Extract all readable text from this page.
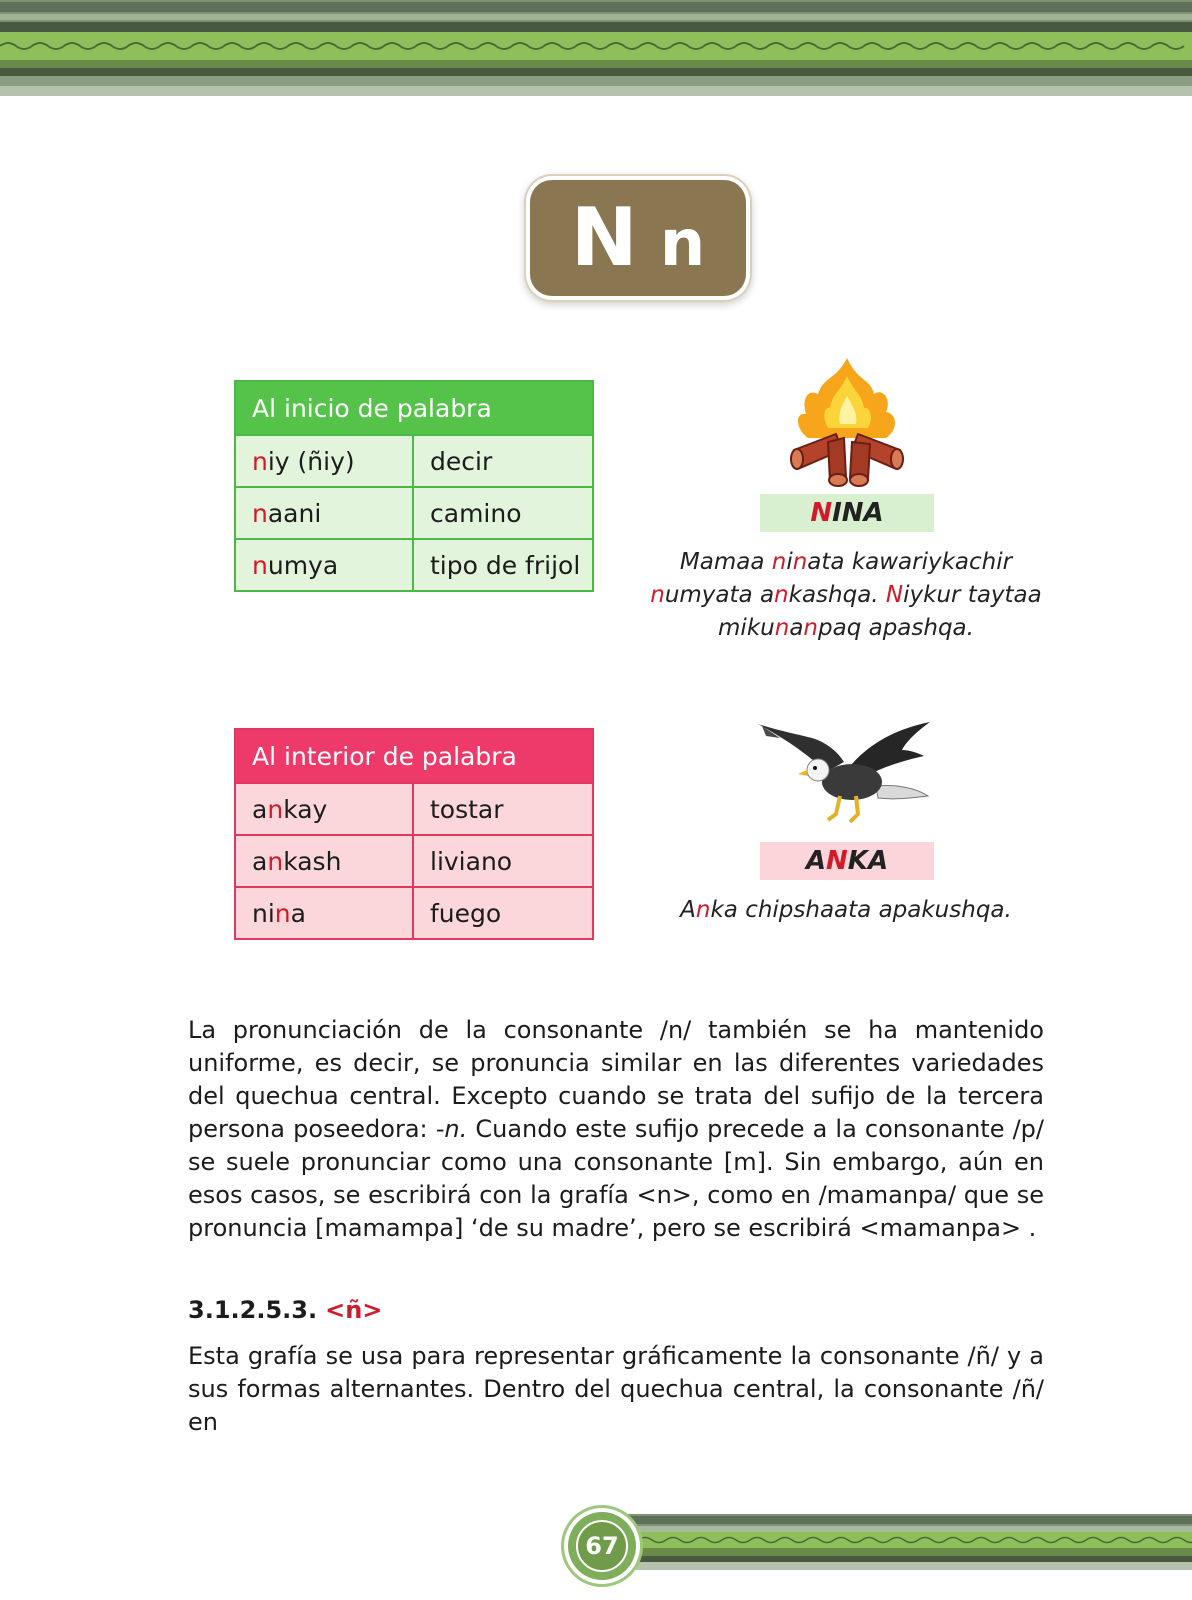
N n
Al inicio de palabra	
niy (ñiy)	decir
naani	camino
numya	tipo de frijol
N INA
Mamaa ninata kawariykachir
numyata ankashqa. Niykur taytaa
mikunanpaq apashqa.
Al interior de palabra	
ankay	tostar
ankash	liviano
nina	fuego
A N KA
Anka chipshaata apakushqa.
La pronunciación de la consonante /n/ también se ha mantenido uniforme, es decir, se pronuncia similar en las diferentes variedades del quechua central. Excepto cuando se trata del sufijo de la tercera persona poseedora: -n. Cuando este sufijo precede a la consonante /p/ se suele pronunciar como una consonante [m]. Sin embargo, aún en esos casos, se escribirá con la grafía <n>, como en /mamanpa/ que se pronuncia [mamampa] ‘de su madre’, pero se escribirá <mamanpa> .
3.1.2.5.3. <ñ>
Esta grafía se usa para representar gráficamente la consonante /ñ/ y a sus formas alternantes. Dentro del quechua central, la consonante /ñ/ en
67
